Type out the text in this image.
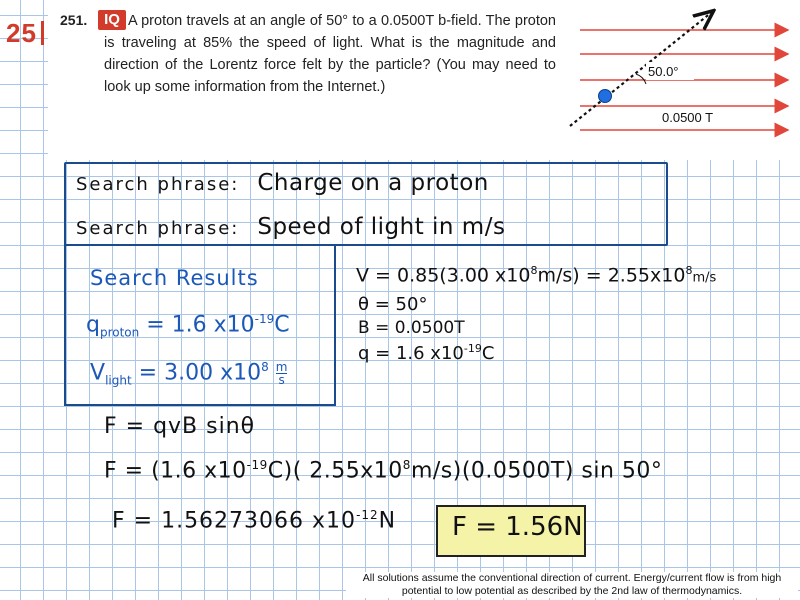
25	251.	IQ A proton travels at an angle of 50° to a 0.0500T b-field. The proton is traveling at 85% the speed of light. What is the magnitude and direction of the Lorentz force felt by the particle? (You may need to look up some information from the Internet.)
50.0°
0.0500 T
Search phrase: Charge on a proton
Search phrase: Speed of light in m/s
Search Results
$q_{proton} = 1.6$ $x10^{-19}C$
$V_{light} = 3.00$ $x10^8 \frac{m}{s}$
V = 0.85(3.00 $x10^8m/s) = 2.55x10^8m/s$
θ = 50°
B = 0.0500T
q = 1.6 $x10^{-19}C$
F = qvB sinθ
F = (1.6 $x10^{-19}C$)( $2.55x10^8m/s)(0.0500T)$ sin 50°
F = 1.56273066 $x10^{-12}N$ F = 1.56N
All solutions assume the conventional direction of current. Energy/current flow is from high potential to low potential as described by the 2nd law of thermodynamics.
